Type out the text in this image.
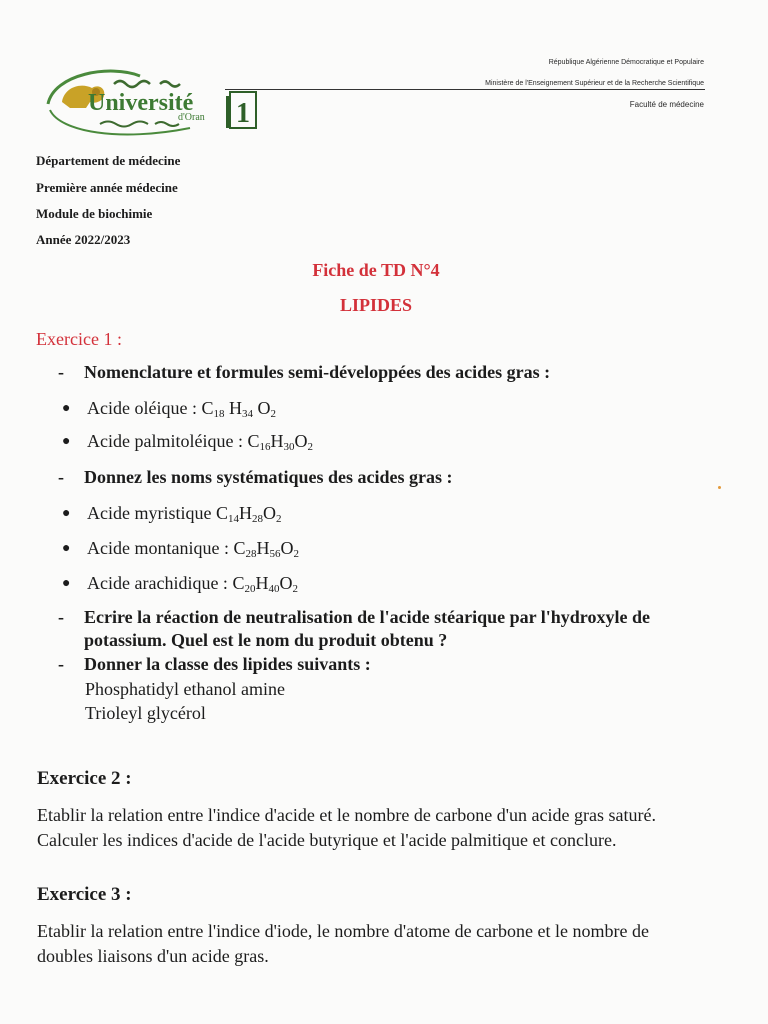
Université
d'Oran 1
République Algérienne Démocratique et Populaire
Ministère de l'Enseignement Supérieur et de la Recherche Scientifique
Faculté de médecine
Département de médecine
Première année médecine
Module de biochimie
Année 2022/2023
Fiche de TD N°4
LIPIDES
Exercice 1 :
- Nomenclature et formules semi-développées des acides gras :
● Acide oléique : $C_{18}$ $H_{34}$ $O_2$
● Acide palmitoléique : $C_{16}H_{30}O_2$
- Donnez les noms systématiques des acides gras :
● Acide myristique $C_{14}H_{28}O_2$
● Acide montanique : $C_{28}H_{56}O_2$
● Acide arachidique : $C_{20}H_{40}O_2$
-	Ecrire la réaction de neutralisation de l'acide stéarique par l'hydroxyle de potassium. Quel est le nom du produit obtenu ?
- Donner la classe des lipides suivants :
Phosphatidyl ethanol amine
Trioleyl glycérol
Exercice 2 :
Etablir la relation entre l'indice d'acide et le nombre de carbone d'un acide gras saturé. Calculer les indices d'acide de l'acide butyrique et l'acide palmitique et conclure.
Exercice 3 :
Etablir la relation entre l'indice d'iode, le nombre d'atome de carbone et le nombre de doubles liaisons d'un acide gras.
